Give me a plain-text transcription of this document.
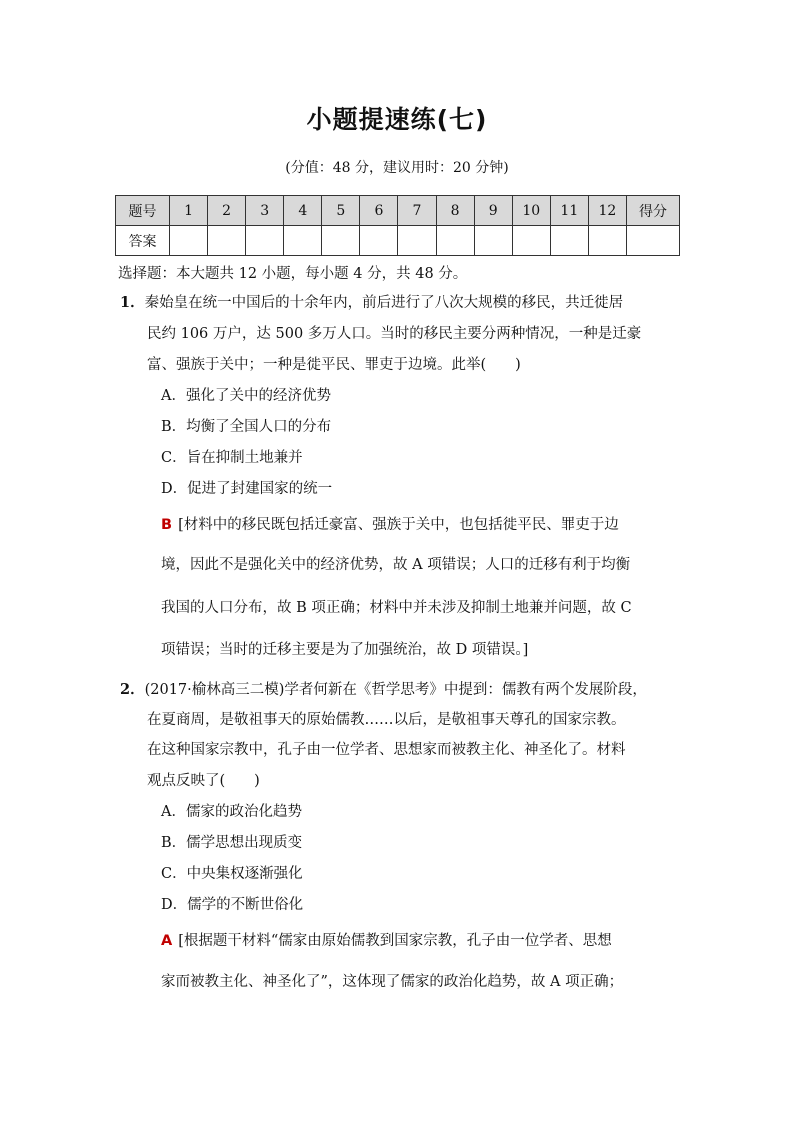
小题提速练(七)
(分值：48 分，建议用时：20 分钟)
题号	1	2	3	4	5	6	7	8	9	10	11	12	得分
答案													
选择题：本大题共 12 小题，每小题 4 分，共 48 分。
1．秦始皇在统一中国后的十余年内，前后进行了八次大规模的移民，共迁徙居
民约 106 万户，达 500 多万人口。当时的移民主要分两种情况，一种是迁豪
富、强族于关中；一种是徙平民、罪吏于边境。此举(　　)
A．强化了关中的经济优势
B．均衡了全国人口的分布
C．旨在抑制土地兼并
D．促进了封建国家的统一
B [材料中的移民既包括迁豪富、强族于关中，也包括徙平民、罪吏于边
境，因此不是强化关中的经济优势，故 A 项错误；人口的迁移有利于均衡
我国的人口分布，故 B 项正确；材料中并未涉及抑制土地兼并问题，故 C
项错误；当时的迁移主要是为了加强统治，故 D 项错误。]
2．(2017·榆林高三二模)学者何新在《哲学思考》中提到：儒教有两个发展阶段，
在夏商周，是敬祖事天的原始儒教……以后，是敬祖事天尊孔的国家宗教。
在这种国家宗教中，孔子由一位学者、思想家而被教主化、神圣化了。材料
观点反映了(　　)
A．儒家的政治化趋势
B．儒学思想出现质变
C．中央集权逐渐强化
D．儒学的不断世俗化
A [根据题干材料“儒家由原始儒教到国家宗教，孔子由一位学者、思想
家而被教主化、神圣化了”，这体现了儒家的政治化趋势，故 A 项正确；
